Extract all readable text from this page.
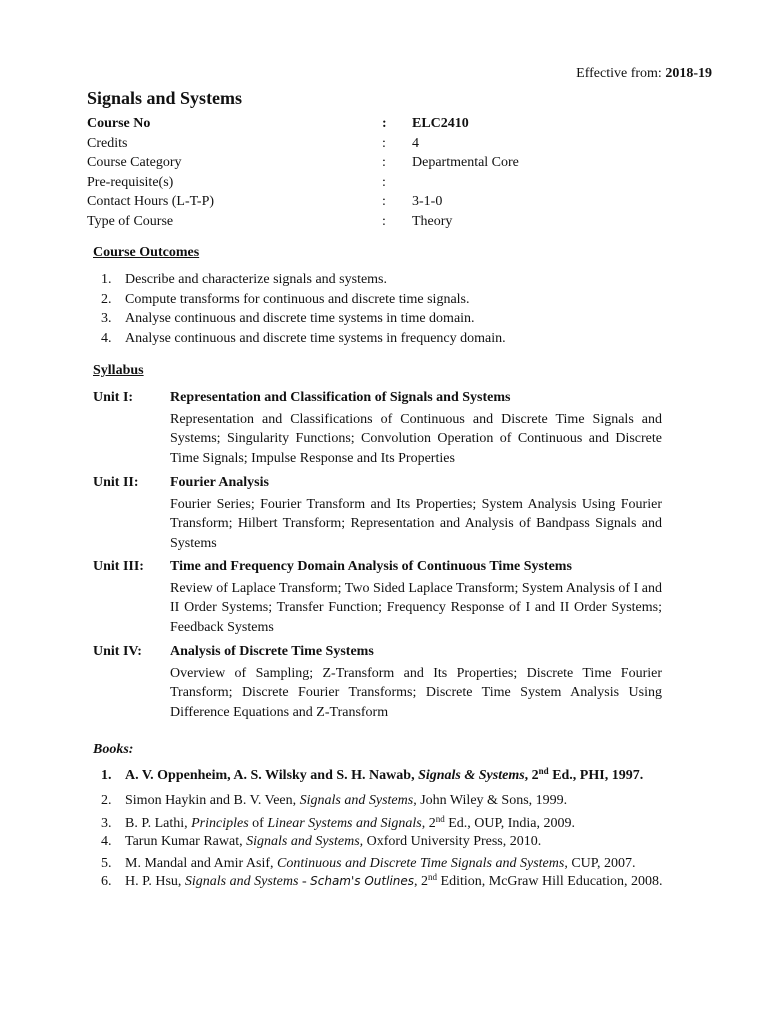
Effective from: 2018-19
Signals and Systems
Course No	: ELC2410
Credits	: 4
Course Category	: Departmental Core
Pre-requisite(s)	:
Contact Hours (L-T-P)	: 3-1-0
Type of Course	: Theory
Course Outcomes
1. Describe and characterize signals and systems.
2. Compute transforms for continuous and discrete time signals.
3. Analyse continuous and discrete time systems in time domain.
4. Analyse continuous and discrete time systems in frequency domain.
Syllabus
Unit I:	Representation and Classification of Signals and Systems
Representation and Classifications of Continuous and Discrete Time Signals and Systems; Singularity Functions; Convolution Operation of Continuous and Discrete Time Signals; Impulse Response and Its Properties
Unit II: Fourier Analysis
Fourier Series; Fourier Transform and Its Properties; System Analysis Using Fourier Transform; Hilbert Transform; Representation and Analysis of Bandpass Signals and Systems
Unit III: Time and Frequency Domain Analysis of Continuous Time Systems
Review of Laplace Transform; Two Sided Laplace Transform; System Analysis of I and II Order Systems; Transfer Function; Frequency Response of I and II Order Systems; Feedback Systems
Unit IV: Analysis of Discrete Time Systems
Overview of Sampling; Z-Transform and Its Properties; Discrete Time Fourier Transform; Discrete Fourier Transforms; Discrete Time System Analysis Using Difference Equations and Z-Transform
Books:
1. A. V. Oppenheim, A. S. Wilsky and S. H. Nawab, Signals & Systems, 2nd Ed., PHI, 1997.
2. Simon Haykin and B. V. Veen, Signals and Systems, John Wiley & Sons, 1999.
3. B. P. Lathi, Principles of Linear Systems and Signals, 2nd Ed., OUP, India, 2009.
4. Tarun Kumar Rawat, Signals and Systems, Oxford University Press, 2010.
5. M. Mandal and Amir Asif, Continuous and Discrete Time Signals and Systems, CUP, 2007.
6. H. P. Hsu, Signals and Systems - Scham's Outlines, 2nd Edition, McGraw Hill Education, 2008.
